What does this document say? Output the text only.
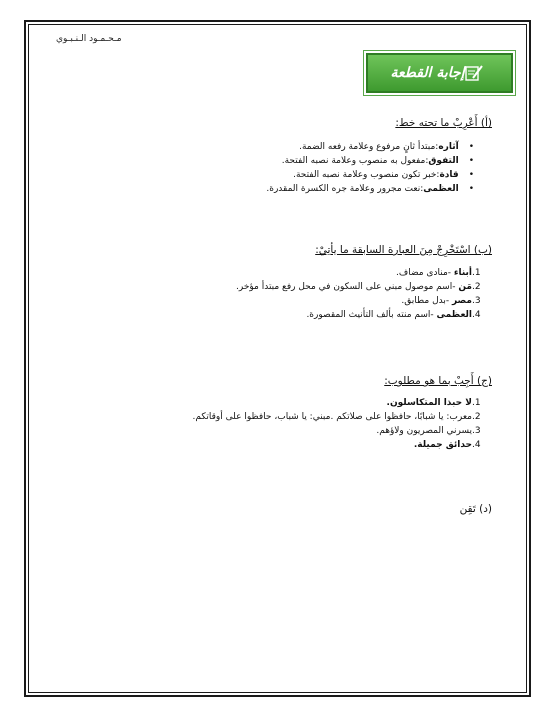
مـحـمـود الـنـبـوي
إجابة القطعة
(أ) أَعْرِبْ ما تحته خط:
• آثاره:مبتدأ ثانٍ مرفوع وعلامة رفعه الضمة.
• التفوق:مفعول به منصوب وعلامة نصبه الفتحة.
• قادة:خبر تكون منصوب وعلامة نصبه الفتحة.
• العظمى:نعت مجرور وعلامة جره الكسرة المقدرة.
(ب) اسْتَخْرِجْ مِنَ العبارة السابقة ما يأتِيْ:
1.أبناء -منادى مضاف.
2.مَن -اسم موصول مبني على السكون في محل رفع مبتدأ مؤخر.
3.مصر -بدل مطابق.
4.العظمى -اسم منته بألف التأنيث المقصورة.
(ج) أَجِبْ بما هو مطلوب:
1.لا حبذا المتكاسلون.
2.معرب: يا شبابًا، حافظوا على صلاتكم .مبني: يا شباب، حافظوا على أوقاتكم.
3.يسرني المصريون ولاؤهم.
4.حدائق جميلة.
(د) تَقِن
